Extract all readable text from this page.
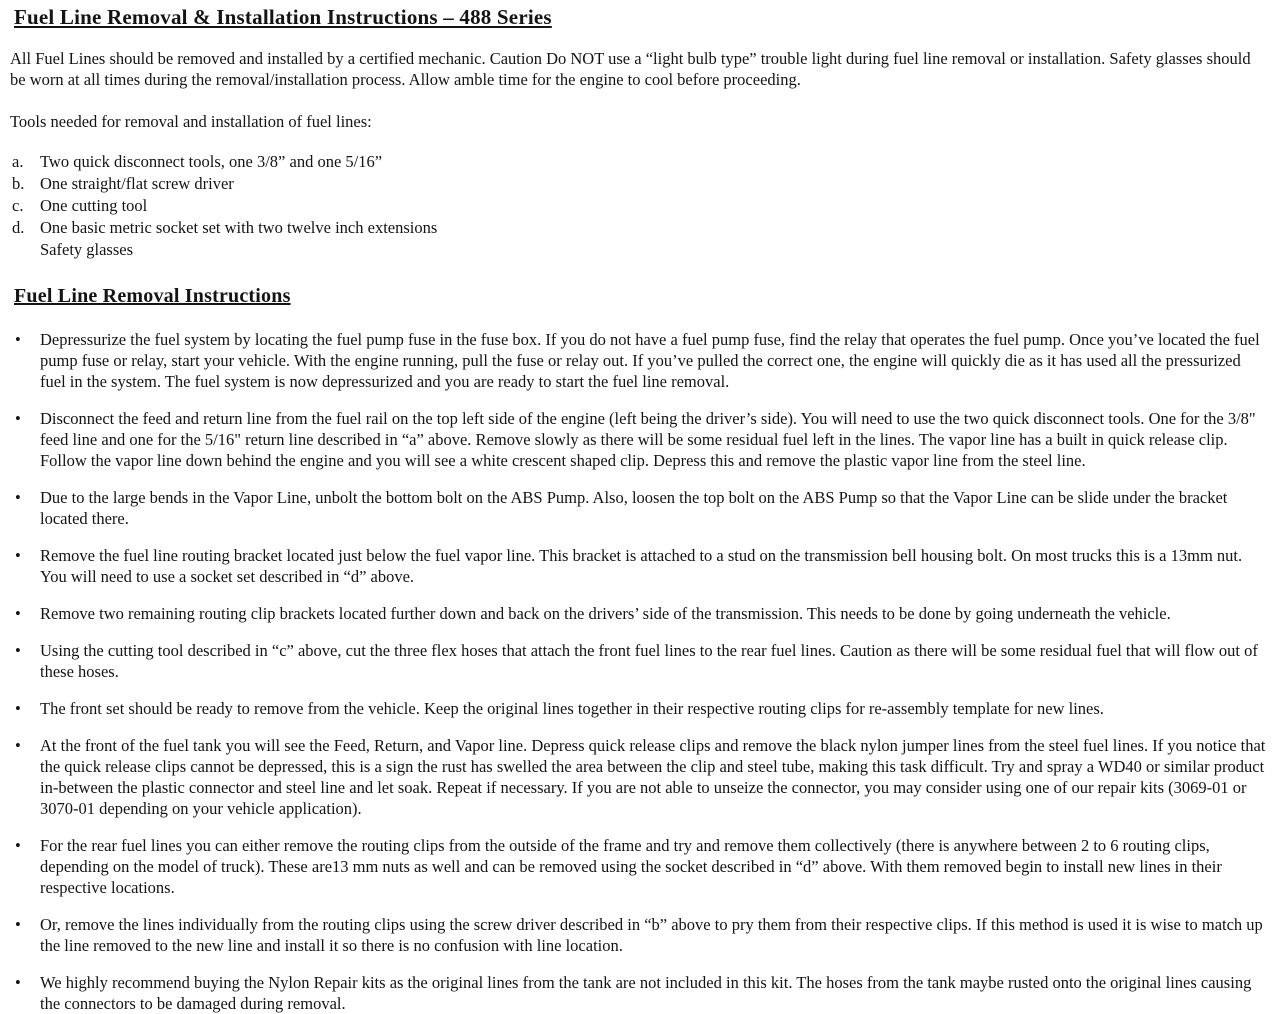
Fuel Line Removal & Installation Instructions – 488 Series

All Fuel Lines should be removed and installed by a certified mechanic. Caution Do NOT use a “light bulb type” trouble light during fuel line removal or installation. Safety glasses should be worn at all times during the removal/installation process. Allow amble time for the engine to cool before proceeding.

Tools needed for removal and installation of fuel lines:

a.	Two quick disconnect tools, one 3/8” and one 5/16”
b. One straight/flat screw driver
c.	One cutting tool
d. One basic metric socket set with two twelve inch extensions
Safety glasses
Fuel Line Removal Instructions
• Depressurize the fuel system by locating the fuel pump fuse in the fuse box. If you do not have a fuel pump fuse, find the relay that operates the fuel pump. Once you’ve located the fuel pump fuse or relay, start your vehicle. With the engine running, pull the fuse or relay out. If you’ve pulled the correct one, the engine will quickly die as it has used all the pressurized fuel in the system. The fuel system is now depressurized and you are ready to start the fuel line removal.
• Disconnect the feed and return line from the fuel rail on the top left side of the engine (left being the driver’s side). You will need to use the two quick disconnect tools. One for the 3/8" feed line and one for the 5/16" return line described in “a” above. Remove slowly as there will be some residual fuel left in the lines. The vapor line has a built in quick release clip. Follow the vapor line down behind the engine and you will see a white crescent shaped clip. Depress this and remove the plastic vapor line from the steel line.
• Due to the large bends in the Vapor Line, unbolt the bottom bolt on the ABS Pump. Also, loosen the top bolt on the ABS Pump so that the Vapor Line can be slide under the bracket located there.
• Remove the fuel line routing bracket located just below the fuel vapor line. This bracket is attached to a stud on the transmission bell housing bolt. On most trucks this is a 13mm nut. You will need to use a socket set described in “d” above.
• Remove two remaining routing clip brackets located further down and back on the drivers’ side of the transmission. This needs to be done by going underneath the vehicle.
• Using the cutting tool described in “c” above, cut the three flex hoses that attach the front fuel lines to the rear fuel lines. Caution as there will be some residual fuel that will flow out of these hoses.
• The front set should be ready to remove from the vehicle. Keep the original lines together in their respective routing clips for re-assembly template for new lines.
• At the front of the fuel tank you will see the Feed, Return, and Vapor line. Depress quick release clips and remove the black nylon jumper lines from the steel fuel lines. If you notice that the quick release clips cannot be depressed, this is a sign the rust has swelled the area between the clip and steel tube, making this task difficult. Try and spray a WD40 or similar product in-between the plastic connector and steel line and let soak. Repeat if necessary. If you are not able to unseize the connector, you may consider using one of our repair kits (3069-01 or 3070-01 depending on your vehicle application).
• For the rear fuel lines you can either remove the routing clips from the outside of the frame and try and remove them collectively (there is anywhere between 2 to 6 routing clips, depending on the model of truck). These are13 mm nuts as well and can be removed using the socket described in “d” above. With them removed begin to install new lines in their respective locations.
• Or, remove the lines individually from the routing clips using the screw driver described in “b” above to pry them from their respective clips. If this method is used it is wise to match up the line removed to the new line and install it so there is no confusion with line location.
• We highly recommend buying the Nylon Repair kits as the original lines from the tank are not included in this kit. The hoses from the tank maybe rusted onto the original lines causing the connectors to be damaged during removal.
